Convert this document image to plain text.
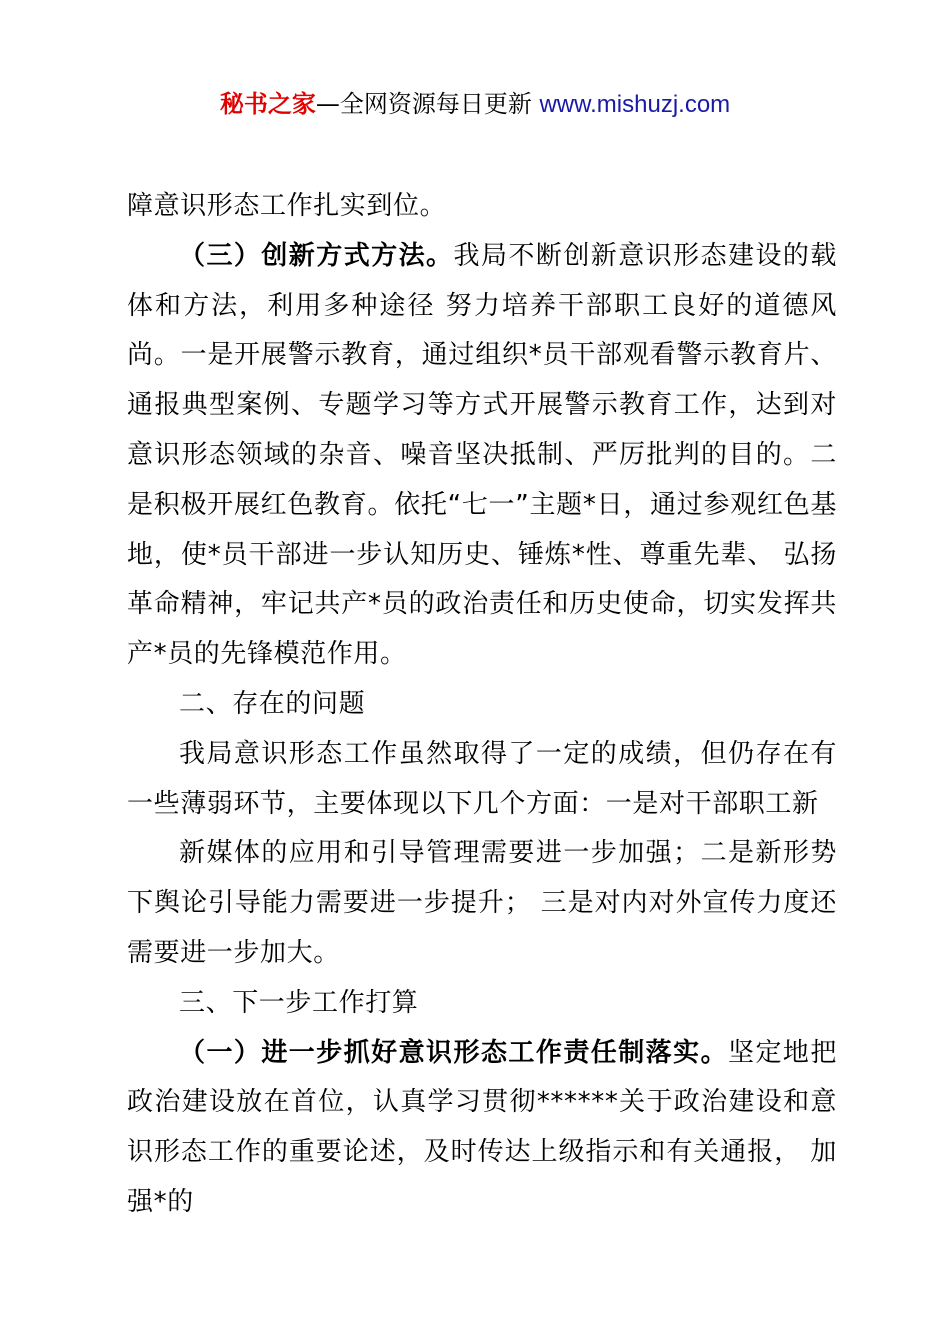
秘书之家—全网资源每日更新 www.mishuzj.com

障意识形态工作扎实到位。

（三）创新方式方法。我局不断创新意识形态建设的载体和方法，利用多种途径 努力培养干部职工良好的道德风尚。一是开展警示教育，通过组织*员干部观看警示教育片、 通报典型案例、专题学习等方式开展警示教育工作，达到对意识形态领域的杂音、噪音坚决抵制、严厉批判的目的。二是积极开展红色教育。依托“七一”主题*日，通过参观红色基地，使*员干部进一步认知历史、锤炼*性、尊重先辈、 弘扬革命精神，牢记共产*员的政治责任和历史使命，切实发挥共产*员的先锋模范作用。

二、存在的问题

我局意识形态工作虽然取得了一定的成绩，但仍存在有一些薄弱环节，主要体现以下几个方面：一是对干部职工新

新媒体的应用和引导管理需要进一步加强；二是新形势下舆论引导能力需要进一步提升； 三是对内对外宣传力度还需要进一步加大。

三、下一步工作打算

（一）进一步抓好意识形态工作责任制落实。坚定地把政治建设放在首位，认真学习贯彻******关于政治建设和意识形态工作的重要论述，及时传达上级指示和有关通报， 加强*的
